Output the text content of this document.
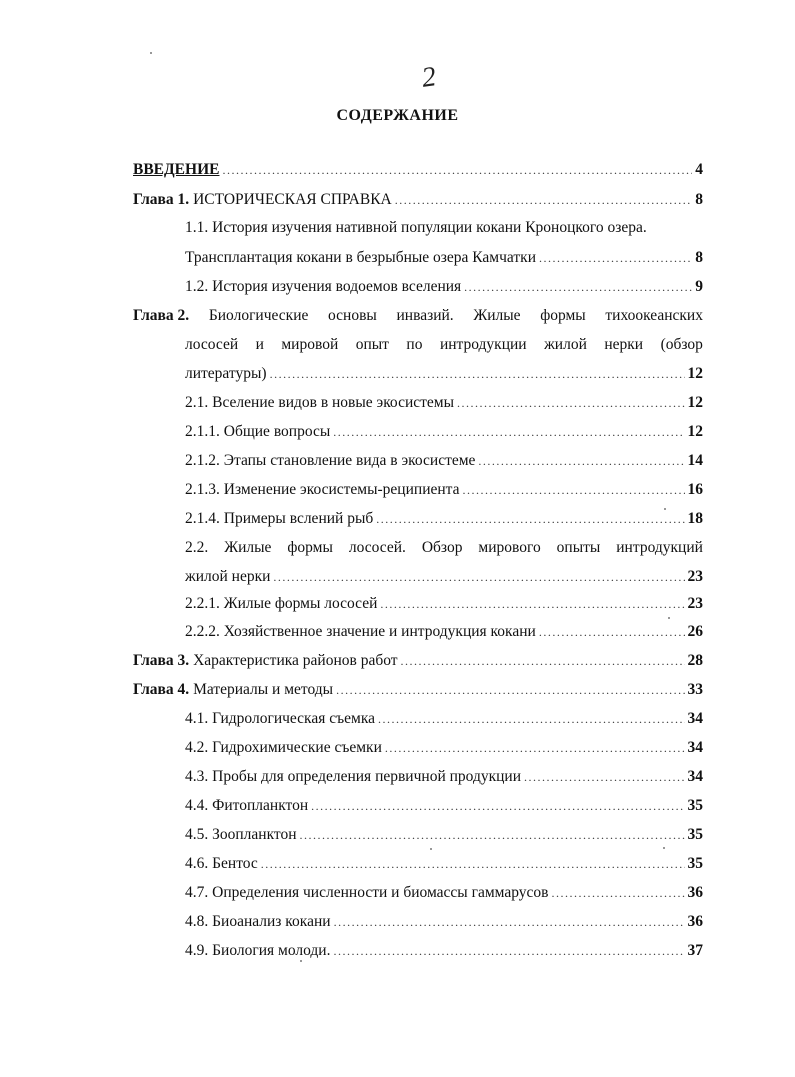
2
СОДЕРЖАНИЕ
ВВЕДЕНИЕ .....	4
Глава 1. ИСТОРИЧЕСКАЯ СПРАВКА .....	8
1.1. История изучения нативной популяции кокани Кроноцкого озера.
Трансплантация кокани в безрыбные озера Камчатки .....	8
1.2. История изучения водоемов вселения .....	9
Глава 2. Биологические основы инвазий. Жилые формы тихоокеанских
лососей и мировой опыт по интродукции жилой нерки (обзор
литературы) .....	12
2.1. Вселение видов в новые экосистемы .....	12
2.1.1. Общие вопросы .....	12
2.1.2. Этапы становление вида в экосистеме .....	14
2.1.3. Изменение экосистемы-реципиента .....	16
2.1.4. Примеры вслений рыб .....	18
2.2. Жилые формы лососей. Обзор мирового опыты интродукций
жилой нерки .....	23
2.2.1. Жилые формы лососей .....	23
2.2.2. Хозяйственное значение и интродукция кокани .....	26
Глава 3. Характеристика районов работ .....	28
Глава 4. Материалы и методы .....	33
4.1. Гидрологическая съемка .....	34
4.2. Гидрохимические съемки .....	34
4.3. Пробы для определения первичной продукции .....	34
4.4. Фитопланктон .....	35
4.5. Зоопланктон .....	35
4.6. Бентос .....	35
4.7. Определения численности и биомассы гаммарусов .....	36
4.8. Биоанализ кокани .....	36
4.9. Биология молоди. .....	37
